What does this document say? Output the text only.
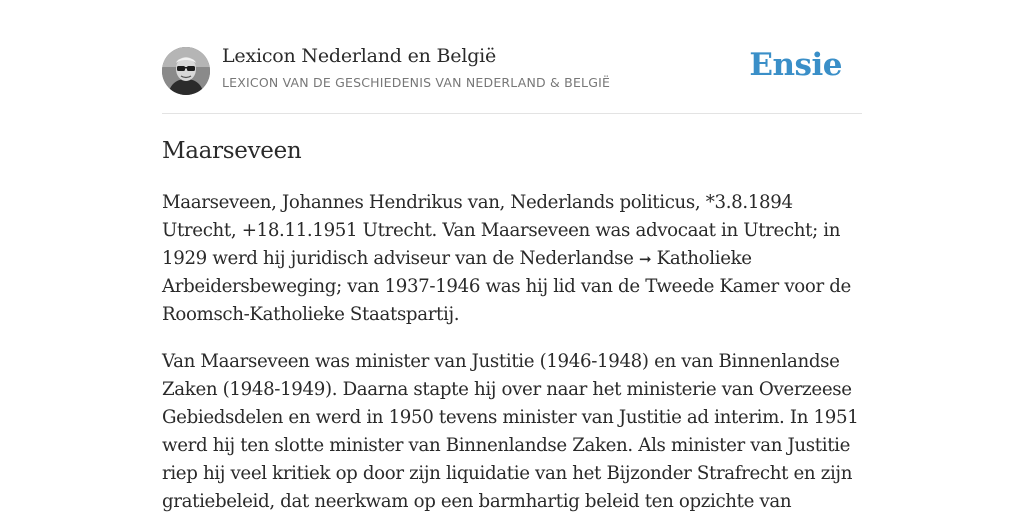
Lexicon Nederland en België
LEXICON VAN DE GESCHIEDENIS VAN NEDERLAND & BELGIË	Ensie
Maarseveen

Maarseveen, Johannes Hendrikus van, Nederlands politicus, *3.8.1894 Utrecht, +18.11.1951 Utrecht. Van Maarseveen was advocaat in Utrecht; in 1929 werd hij juridisch adviseur van de Nederlandse ➞ Katholieke Arbeidersbeweging; van 1937-1946 was hij lid van de Tweede Kamer voor de Roomsch-Katholieke Staatspartij.

Van Maarseveen was minister van Justitie (1946-1948) en van Binnenlandse Zaken (1948-1949). Daarna stapte hij over naar het ministerie van Overzeese Gebiedsdelen en werd in 1950 tevens minister van Justitie ad interim. In 1951 werd hij ten slotte minister van Binnenlandse Zaken. Als minister van Justitie riep hij veel kritiek op door zijn liquidatie van het Bijzonder Strafrecht en zijn gratiebeleid, dat neerkwam op een barmhartig beleid ten opzichte van
